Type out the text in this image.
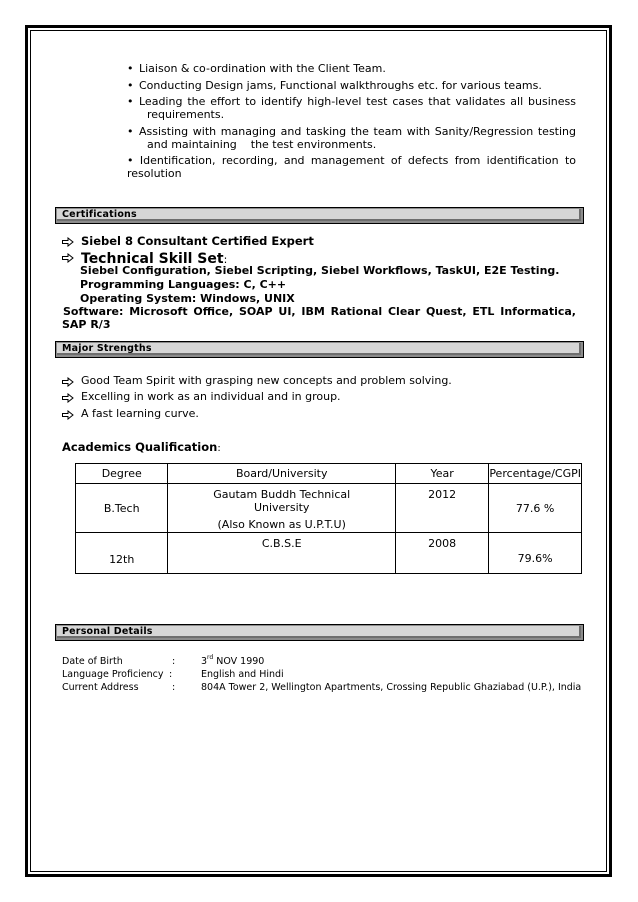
• Liaison & co-ordination with the Client Team.
• Conducting Design jams, Functional walkthroughs etc. for various teams.
• Leading the effort to identify high-level test cases that validates all business
requirements.
• Assisting with managing and tasking the team with Sanity/Regression testing
and maintaining    the test environments.
• Identification, recording, and management of defects from identification to
resolution
Certifications
Siebel 8 Consultant Certified Expert
Technical Skill Set:
Siebel Configuration, Siebel Scripting, Siebel Workflows, TaskUI, E2E Testing.
Programming Languages: C, C++
Operating System: Windows, UNIX
Software: Microsoft Office, SOAP UI, IBM Rational Clear Quest, ETL Informatica,
SAP R/3
Major Strengths
Good Team Spirit with grasping new concepts and problem solving.
Excelling in work as an individual and in group.
A fast learning curve.
Academics Qualification:
Degree	Board/University	Year	Percentage/CGPI
B.Tech	Gautam Buddh Technical
University
(Also Known as U.P.T.U)	2012	77.6 %
12th	C.B.S.E	2008	79.6%
Personal Details
Date of Birth	:	3rd NOV 1990
Language Proficiency :	English and Hindi
Current Address	:	804A Tower 2, Wellington Apartments, Crossing Republic Ghaziabad (U.P.), India
